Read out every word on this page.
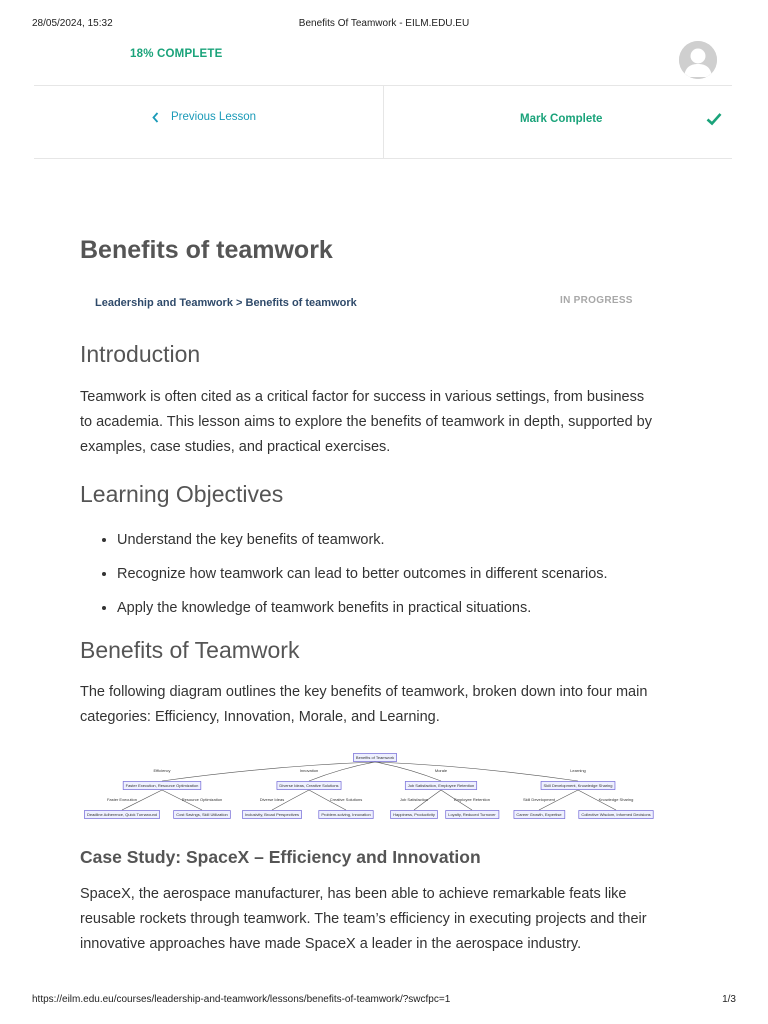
28/05/2024, 15:32	Benefits Of Teamwork - EILM.EDU.EU
18% COMPLETE
Previous Lesson	Mark Complete
Benefits of teamwork
Leadership and Teamwork > Benefits of teamwork	IN PROGRESS
Introduction

Teamwork is often cited as a critical factor for success in various settings, from business to academia. This lesson aims to explore the benefits of teamwork in depth, supported by examples, case studies, and practical exercises.

Learning Objectives
• Understand the key benefits of teamwork.
• Recognize how teamwork can lead to better outcomes in different scenarios.
• Apply the knowledge of teamwork benefits in practical situations.
Benefits of Teamwork

The following diagram outlines the key benefits of teamwork, broken down into four main categories: Efficiency, Innovation, Morale, and Learning.

Benefits of Teamwork
Efficiency	Innovation	Morale	Learning
Faster Execution, Resource Optimization	Diverse Ideas, Creative Solutions	Job Satisfaction, Employee Retention	Skill Development, Knowledge Sharing
Faster Execution	Resource Optimization	Diverse Ideas	Creative Solutions	Job Satisfaction	Employee Retention	Skill Development	Knowledge Sharing
Deadline Adherence, Quick Turnaround	Cost Savings, Skill Utilization	Inclusivity, Broad Perspectives	Problem-solving, Innovation	Happiness, Productivity	Loyalty, Reduced Turnover	Career Growth, Expertise	Collective Wisdom, Informed Decisions
Case Study: SpaceX – Efficiency and Innovation

SpaceX, the aerospace manufacturer, has been able to achieve remarkable feats like reusable rockets through teamwork. The team’s efficiency in executing projects and their innovative approaches have made SpaceX a leader in the aerospace industry.

https://eilm.edu.eu/courses/leadership-and-teamwork/lessons/benefits-of-teamwork/?swcfpc=1	1/3
